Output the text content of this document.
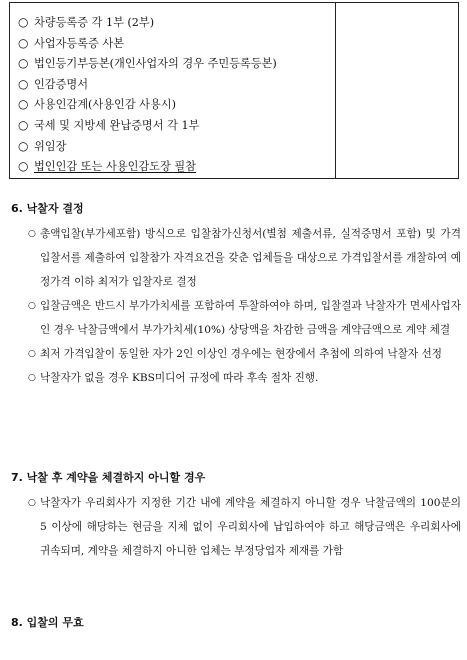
○ 차량등록증 각 1부 (2부)
○ 사업자등록증 사본
○ 법인등기부등본(개인사업자의 경우 주민등록등본)
○ 인감증명서
○ 사용인감계(사용인감 사용시)
○ 국세 및 지방세 완납증명서 각 1부
○ 위임장
○ 법인인감 또는 사용인감도장 필참

6. 낙찰자 결정

○ 총액입찰(부가세포함) 방식으로 입찰참가신청서(별첨 제출서류, 실적증명서 포함) 및 가격입찰서를 제출하여 입찰참가 자격요건을 갖춘 업체들을 대상으로 가격입찰서를 개찰하여 예정가격 이하 최저가 입찰자로 결정
○ 입찰금액은 반드시 부가가치세를 포함하여 투찰하여야 하며, 입찰결과 낙찰자가 면세사업자인 경우 낙찰금액에서 부가가치세(10%) 상당액을 차감한 금액을 계약금액으로 계약 체결
○ 최저 가격입찰이 동일한 자가 2인 이상인 경우에는 현장에서 추첨에 의하여 낙찰자 선정
○ 낙찰자가 없을 경우 KBS미디어 규정에 따라 후속 절차 진행.

7. 낙찰 후 계약을 체결하지 아니할 경우

○ 낙찰자가 우리회사가 지정한 기간 내에 계약을 체결하지 아니할 경우 낙찰금액의 100분의 5 이상에 해당하는 현금을 지체 없이 우리회사에 납입하여야 하고 해당금액은 우리회사에 귀속되며, 계약을 체결하지 아니한 업체는 부정당업자 제재를 가함

8. 입찰의 무효
